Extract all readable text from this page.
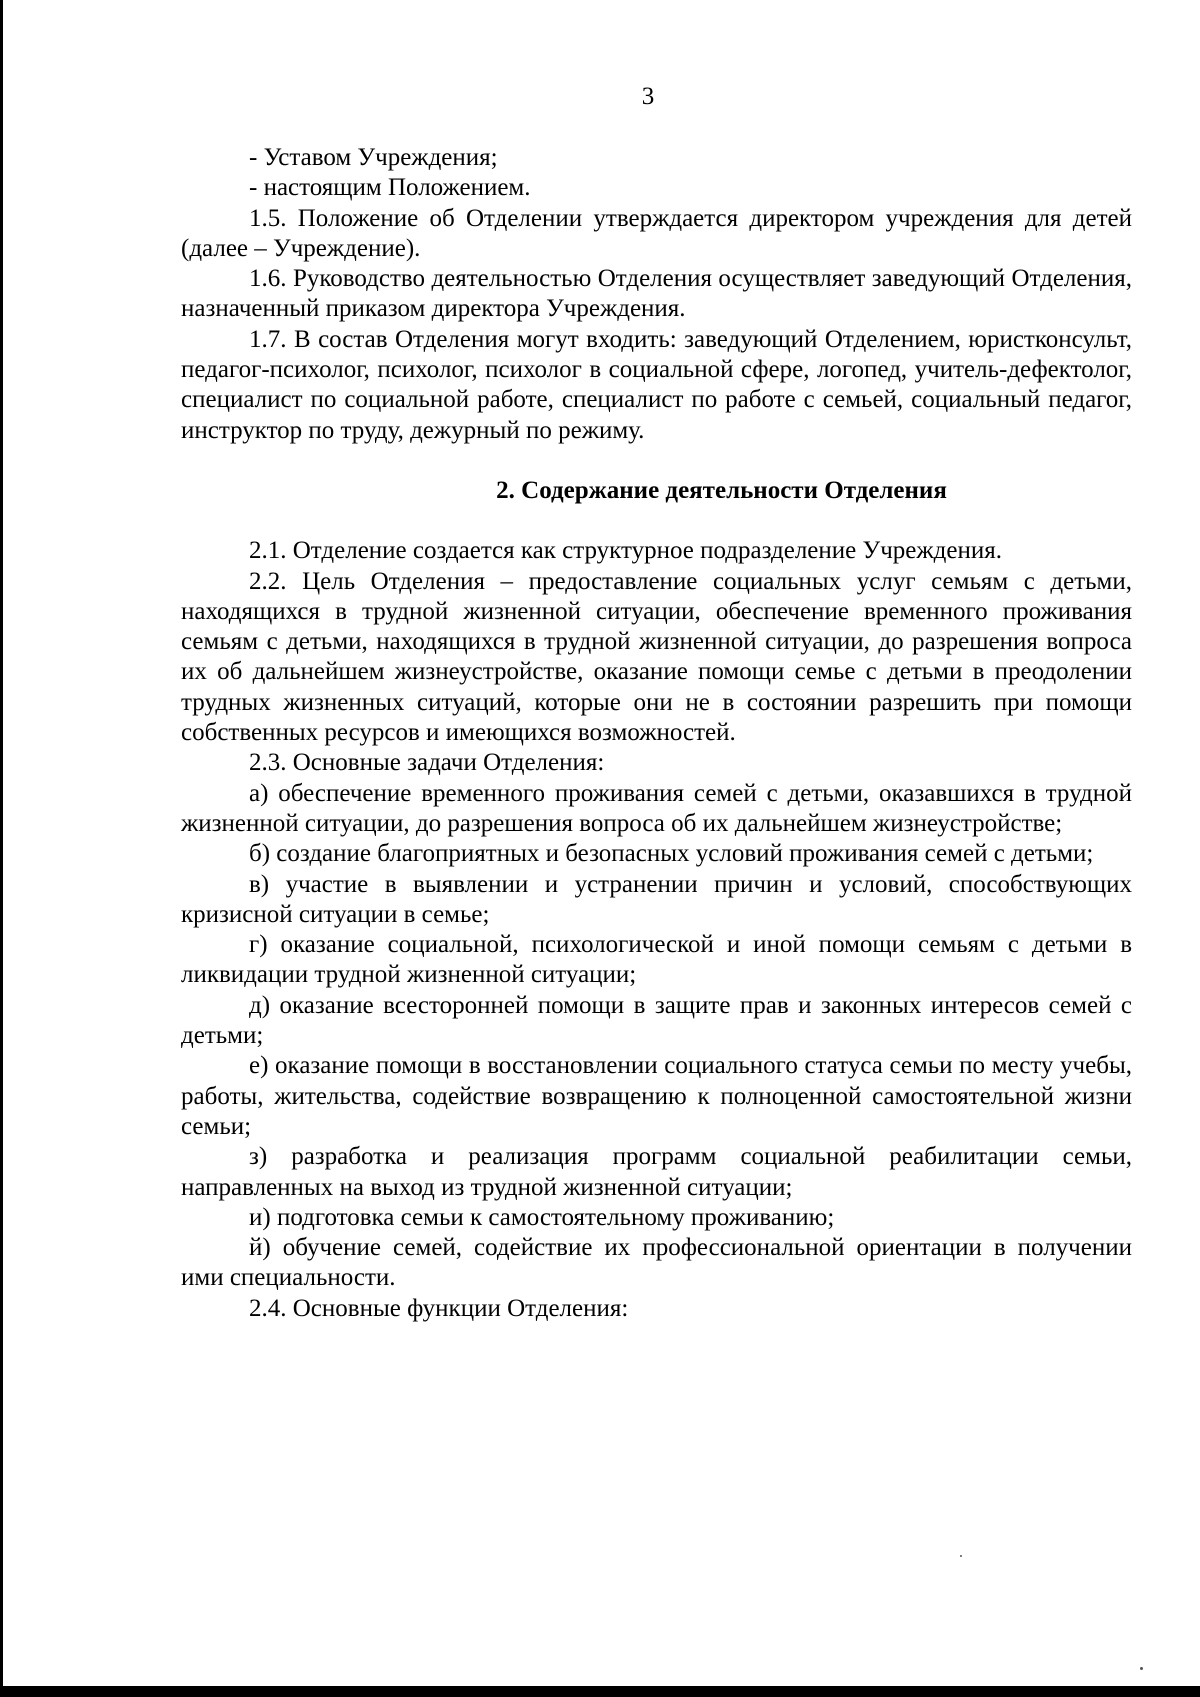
3

- Уставом Учреждения;

- настоящим Положением.

1.5. Положение об Отделении утверждается директором учреждения для детей (далее – Учреждение).

1.6. Руководство деятельностью Отделения осуществляет заведующий Отделения, назначенный приказом директора Учреждения.

1.7. В состав Отделения могут входить: заведующий Отделением, юристконсульт, педагог-психолог, психолог, психолог в социальной сфере, логопед, учитель-дефектолог, специалист по социальной работе, специалист по работе с семьей, социальный педагог, инструктор по труду, дежурный по режиму.

2. Содержание деятельности Отделения

2.1. Отделение создается как структурное подразделение Учреждения.

2.2. Цель Отделения – предоставление социальных услуг семьям с детьми, находящихся в трудной жизненной ситуации, обеспечение временного проживания семьям с детьми, находящихся в трудной жизненной ситуации, до разрешения вопроса их об дальнейшем жизнеустройстве, оказание помощи семье с детьми в преодолении трудных жизненных ситуаций, которые они не в состоянии разрешить при помощи собственных ресурсов и имеющихся возможностей.

2.3. Основные задачи Отделения:

а) обеспечение временного проживания семей с детьми, оказавшихся в трудной жизненной ситуации, до разрешения вопроса об их дальнейшем жизнеустройстве;

б) создание благоприятных и безопасных условий проживания семей с детьми;

в) участие в выявлении и устранении причин и условий, способствующих кризисной ситуации в семье;

г) оказание социальной, психологической и иной помощи семьям с детьми в ликвидации трудной жизненной ситуации;

д) оказание всесторонней помощи в защите прав и законных интересов семей с детьми;

е) оказание помощи в восстановлении социального статуса семьи по месту учебы, работы, жительства, содействие возвращению к полноценной самостоятельной жизни семьи;

з) разработка и реализация программ социальной реабилитации семьи, направленных на выход из трудной жизненной ситуации;

и) подготовка семьи к самостоятельному проживанию;

й) обучение семей, содействие их профессиональной ориентации в получении ими специальности.

2.4. Основные функции Отделения:
